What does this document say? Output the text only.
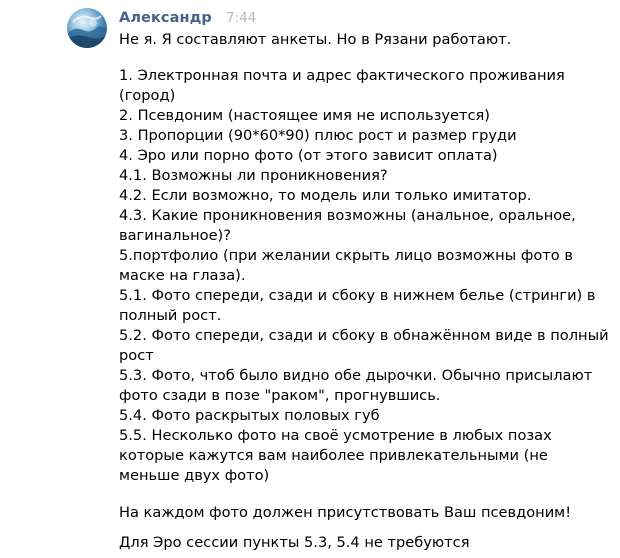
Александр 7:44
Не я. Я составляют анкеты. Но в Рязани работают.
1. Электронная почта и адрес фактического проживания
(город)
2. Псевдоним (настоящее имя не используется)
3. Пропорции (90*60*90) плюс рост и размер груди
4. Эро или порно фото (от этого зависит оплата)
4.1. Возможны ли проникновения?
4.2. Если возможно, то модель или только имитатор.
4.3. Какие проникновения возможны (анальное, оральное,
вагинальное)?
5.портфолио (при желании скрыть лицо возможны фото в
маске на глаза).
5.1. Фото спереди, сзади и сбоку в нижнем белье (стринги) в
полный рост.
5.2. Фото спереди, сзади и сбоку в обнажённом виде в полный
рост
5.3. Фото, чтоб было видно обе дырочки. Обычно присылают
фото сзади в позе "раком", прогнувшись.
5.4. Фото раскрытых половых губ
5.5. Несколько фото на своё усмотрение в любых позах
которые кажутся вам наиболее привлекательными (не
меньше двух фото)
На каждом фото должен присутствовать Ваш псевдоним!
Для Эро сессии пункты 5.3, 5.4 не требуются
